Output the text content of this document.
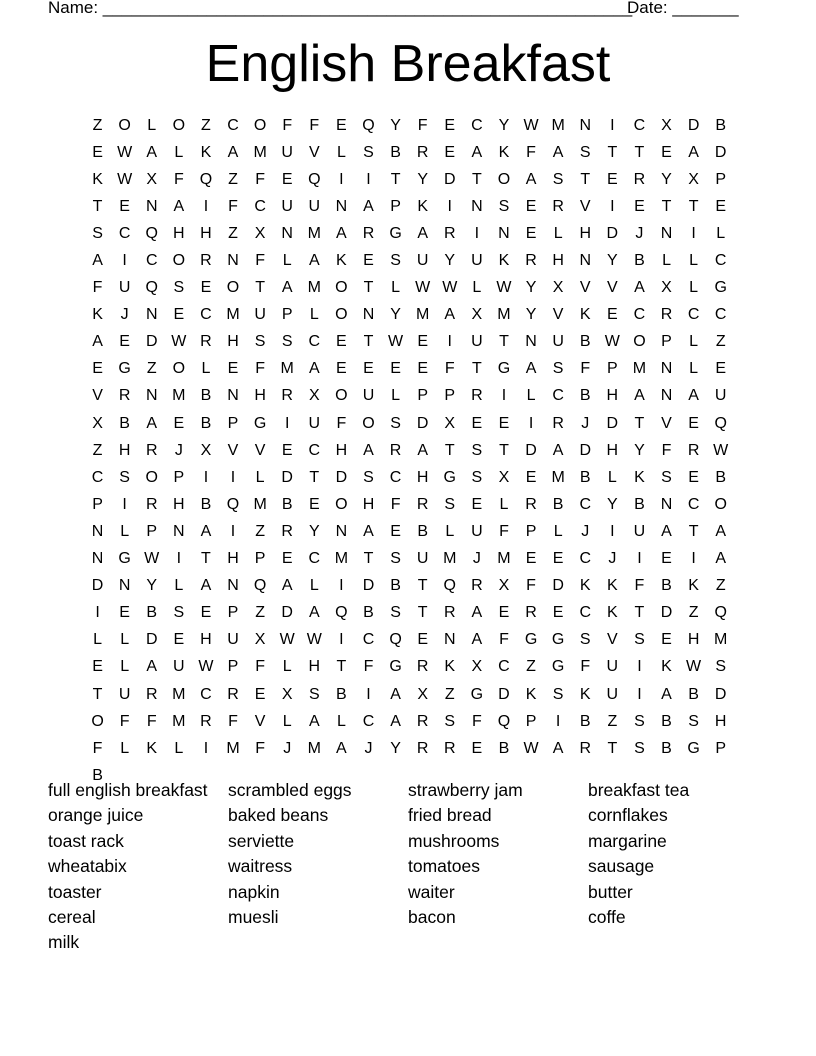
Name: ________________________________________________________
Date: _______
English Breakfast
Z O	L	O Z	C O F	F	E Q Y	F	E C Y W M N	I	C X D B
E W A	L	K	A M U V	L	S	B R E	A	K	F	A	S	T	T	E	A D
K W X	F Q Z	F	E Q	I	I	T	Y D	T O A	S	T	E R Y	X	P
T	E N A	I	F	C U U N A	P	K	I	N S	E R V	I	E	T	T	E
S C Q H H	Z	X N M A R G A R	I	N E	L	H D	J	N	I	L
A	I	C O R N	F	L	A	K	E	S U Y U K R H N Y	B	L	L	C
F	U Q S	E O T	A M O T	L W W L W Y	X	V	V	A	X	L	G
K	J	N E C M U P	L	O N Y M A	X M Y	V	K	E C R C C
A	E D W R H S	S C E	T W E	I	U	T	N U B W O P	L	Z
E G Z O	L	E	F M A	E	E	E	E	F	T G A	S	F	P M N	L	E
V R N M B N H R X O U	L	P	P R	I	L	C B H A N A U
X	B	A	E	B	P G	I	U	F O S D X	E	E	I	R	J	D	T	V	E Q
Z	H R	J	X	V	V	E C H A R A	T	S	T	D A D H Y	F	R W
C S O P	I	I	L	D	T	D S C H G S	X	E M B	L	K	S	E	B
P	I	R H B Q M B	E O H	F	R S	E	L	R B C Y	B N C O
N	L	P N A	I	Z	R Y N A	E	B	L	U	F	P	L	J	I	U A	T	A
N G W	I	T	H P	E C M T	S U M	J	M E	E C	J	I	E	I	A
D N Y	L	A N Q A	L	I	D B	T Q R X	F	D K	K	F	B	K	Z
I	E	B	S	E	P	Z	D A Q B	S	T	R A	E R E C K	T	D	Z Q
L	L	D E H U X W W	I	C Q E N A	F G G S	V	S	E H M
E	L	A U W P	F	L	H	T	F G R K	X C	Z G F	U	I	K W S
T	U R M C R E	X	S	B	I	A	X	Z G D K	S	K U	I	A	B D
O F	F M R	F	V	L	A	L	C A R S	F Q P	I	B	Z	S	B	S H
F	L	K	L	I	M F	J	M A	J	Y R R E	B W A R	T	S	B G P
B
full english breakfast	scrambled eggs	strawberry jam	breakfast tea
orange juice	baked beans	fried bread	cornflakes
toast rack	serviette	mushrooms	margarine
wheatabix	waitress	tomatoes	sausage
toaster	napkin	waiter	butter
cereal	muesli	bacon	coffe
milk
